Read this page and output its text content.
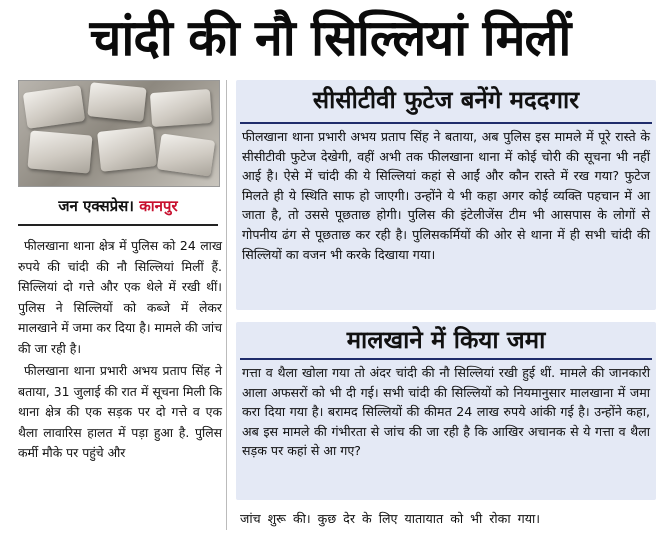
चांदी की नौ सिल्लियां मिलीं
जन एक्सप्रेस। कानपुर

फीलखाना थाना क्षेत्र में पुलिस को 24 लाख रुपये की चांदी की नौ सिल्लियां मिलीं हैं. सिल्लियां दो गत्ते और एक थेले में रखी थीं। पुलिस ने सिल्लियों को कब्जे में लेकर मालखाने में जमा कर दिया है। मामले की जांच की जा रही है।

फीलखाना थाना प्रभारी अभय प्रताप सिंह ने बताया, 31 जुलाई की रात में सूचना मिली कि थाना क्षेत्र की एक सड़क पर दो गत्ते व एक थैला लावारिस हालत में पड़ा हुआ है. पुलिस कर्मी मौके पर पहुंचे और

सीसीटीवी फुटेज बनेंगे मददगार

फीलखाना थाना प्रभारी अभय प्रताप सिंह ने बताया, अब पुलिस इस मामले में पूरे रास्ते के सीसीटीवी फुटेज देखेगी, वहीं अभी तक फीलखाना थाना में कोई चोरी की सूचना भी नहीं आई है। ऐसे में चांदी की ये सिल्लियां कहां से आईं और कौन रास्ते में रख गया? फुटेज मिलते ही ये स्थिति साफ हो जाएगी। उन्होंने ये भी कहा अगर कोई व्यक्ति पहचान में आ जाता है, तो उससे पूछताछ होगी। पुलिस की इंटेलीजेंस टीम भी आसपास के लोगों से गोपनीय ढंग से पूछताछ कर रही है। पुलिसकर्मियों की ओर से थाना में ही सभी चांदी की सिल्लियों का वजन भी करके दिखाया गया।

मालखाने में किया जमा

गत्ता व थैला खोला गया तो अंदर चांदी की नौ सिल्लियां रखी हुई थीं. मामले की जानकारी आला अफसरों को भी दी गई। सभी चांदी की सिल्लियों को नियमानुसार मालखाना में जमा करा दिया गया है। बरामद सिल्लियों की कीमत 24 लाख रुपये आंकी गई है। उन्होंने कहा, अब इस मामले की गंभीरता से जांच की जा रही है कि आखिर अचानक से ये गत्ता व थैला सड़क पर कहां से आ गए?

जांच शुरू की। कुछ देर के लिए यातायात को भी रोका गया।
